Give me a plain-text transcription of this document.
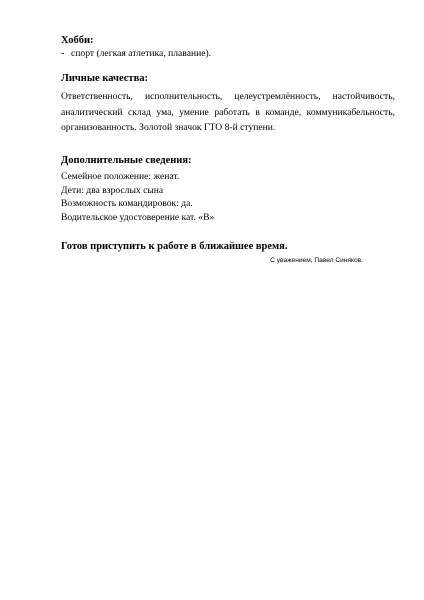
Хобби:
- спорт (легкая атлетика, плавание).
Личные качества:
Ответственность, исполнительность, целеустремлённость, настойчивость,
аналитический склад ума, умение работать в команде, коммуникабельность,
организованность. Золотой значок ГТО 8-й ступени.
Дополнительные сведения:
Семейное положение: женат.
Дети: два взрослых сына
Возможность командировок: да.
Водительское удостоверение кат. «В»
Готов приступить к работе в ближайшее время.
С уважением, Павел Синяков.
